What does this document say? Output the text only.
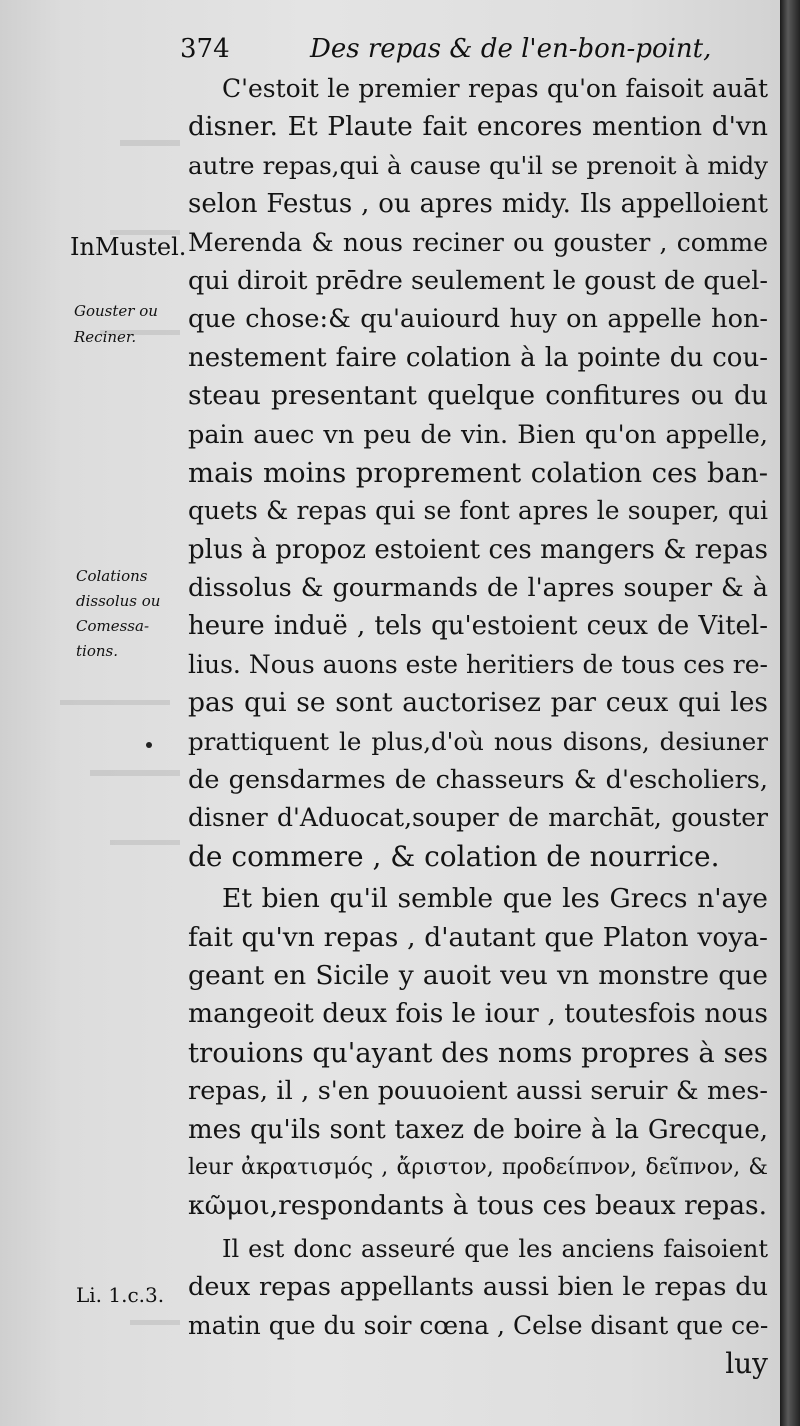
374	Des repas & de l'en-bon-point,
InMustel.
Gouster ou
Reciner.
Colations
dissolus ou
Comessa-
tions.
Li. 1.c.3.
C'estoit le premier repas qu'on faisoit auāt
disner. Et Plaute fait encores mention d'vn
autre repas,qui à cause qu'il se prenoit à midy
selon Festus , ou apres midy. Ils appelloient
Merenda & nous reciner ou gouster , comme
qui diroit prēdre seulement le goust de quel-
que chose:& qu'auiourd huy on appelle hon-
nestement faire colation à la pointe du cou-
steau presentant quelque confitures ou du
pain auec vn peu de vin. Bien qu'on appelle,
mais moins proprement colation ces ban-
quets & repas qui se font apres le souper, qui
plus à propoz estoient ces mangers & repas
dissolus & gourmands de l'apres souper & à
heure induë , tels qu'estoient ceux de Vitel-
lius. Nous auons este heritiers de tous ces re-
pas qui se sont auctorisez par ceux qui les
prattiquent le plus,d'où nous disons, desiuner
de gensdarmes de chasseurs & d'escholiers,
disner d'Aduocat,souper de marchāt, gouster
de commere , & colation de nourrice.
Et bien qu'il semble que les Grecs n'aye
fait qu'vn repas , d'autant que Platon voya-
geant en Sicile y auoit veu vn monstre que
mangeoit deux fois le iour , toutesfois nous
trouions qu'ayant des noms propres à ses
repas, il , s'en pouuoient aussi seruir & mes-
mes qu'ils sont taxez de boire à la Grecque,
leur ἀκρατισμός , ἄριστον, προδείπνον, δεῖπνον, &
κῶμοι,respondants à tous ces beaux repas.
Il est donc asseuré que les anciens faisoient
deux repas appellants aussi bien le repas du
matin que du soir cœna , Celse disant que ce-
luy
